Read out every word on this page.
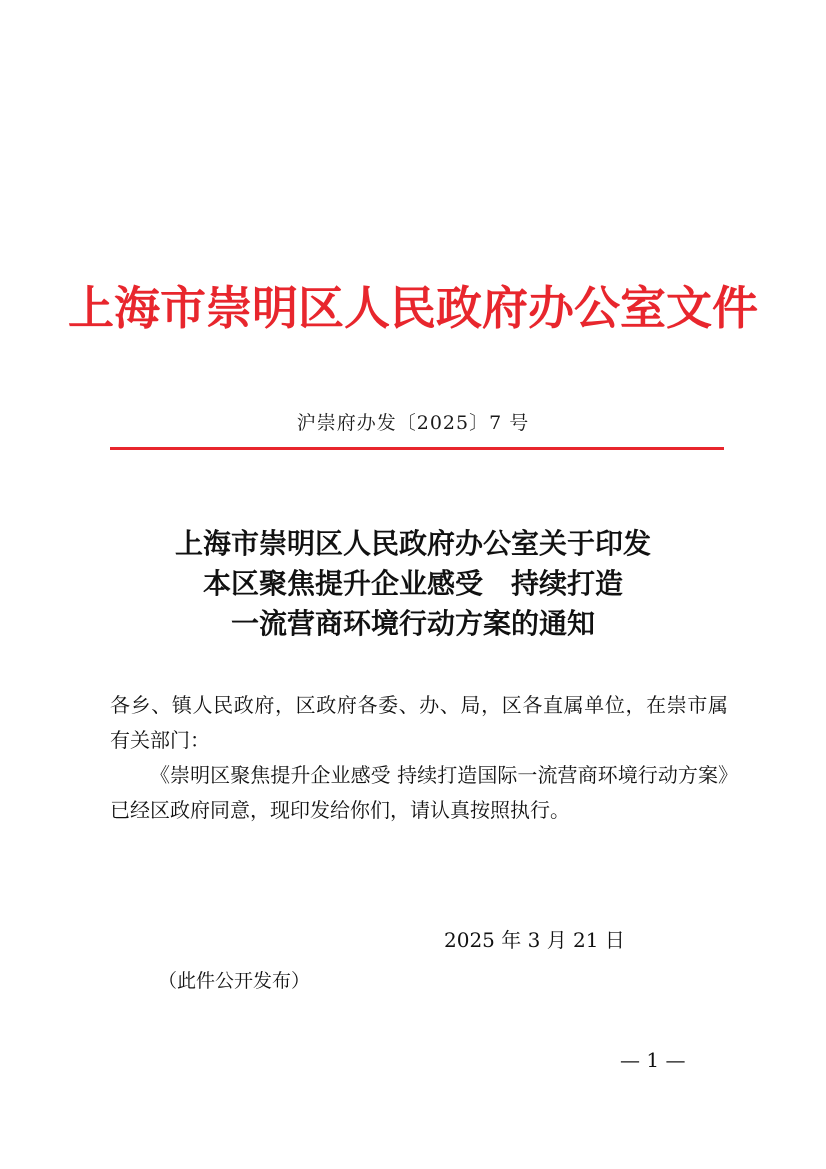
上海市崇明区人民政府办公室文件
沪崇府办发〔2025〕7 号
上海市崇明区人民政府办公室关于印发
本区聚焦提升企业感受　持续打造
一流营商环境行动方案的通知

各乡、镇人民政府，区政府各委、办、局，区各直属单位，在崇市属有关部门：

《崇明区聚焦提升企业感受 持续打造国际一流营商环境行动方案》已经区政府同意，现印发给你们，请认真按照执行。

2025 年 3 月 21 日
（此件公开发布）
— 1 —
